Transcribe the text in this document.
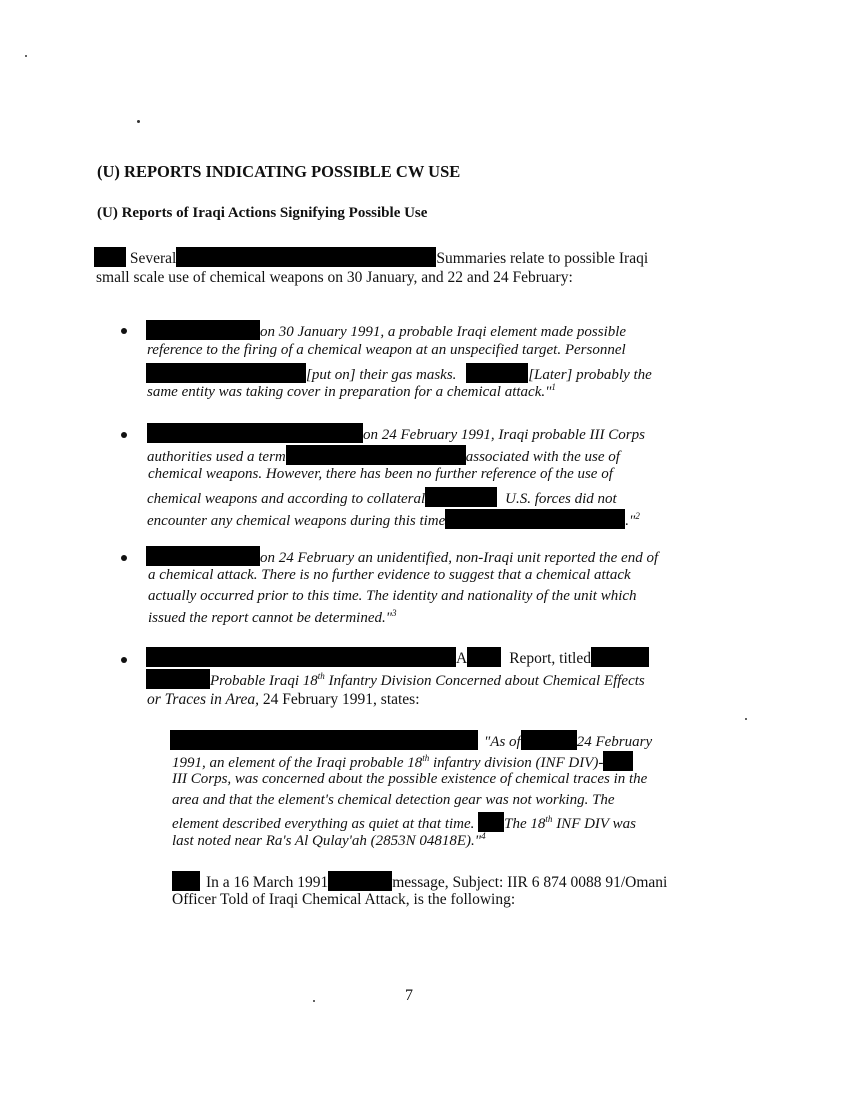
(U) REPORTS INDICATING POSSIBLE CW USE
(U) Reports of Iraqi Actions Signifying Possible Use
Several	Summaries relate to possible Iraqi
small scale use of chemical weapons on 30 January, and 22 and 24 February:
on 30 January 1991, a probable Iraqi element made possible
reference to the firing of a chemical weapon at an unspecified target. Personnel
[put on] their gas masks.	[Later] probably the
same entity was taking cover in preparation for a chemical attack."$^1$
on 24 February 1991, Iraqi probable III Corps
authorities used a term	associated with the use of
chemical weapons. However, there has been no further reference of the use of
chemical weapons and according to collateral	U.S. forces did not
encounter any chemical weapons during this time	."$^2$
on 24 February an unidentified, non-Iraqi unit reported the end of
a chemical attack. There is no further evidence to suggest that a chemical attack
actually occurred prior to this time. The identity and nationality of the unit which
issued the report cannot be determined."$^3$
A	Report, titled
Probable Iraqi 18th Infantry Division Concerned about Chemical Effects
or Traces in Area, 24 February 1991, states:
"As of	24 February
1991, an element of the Iraqi probable 18th infantry division (INF DIV)-
III Corps, was concerned about the possible existence of chemical traces in the
area and that the element's chemical detection gear was not working. The
element described everything as quiet at that time. The 18th INF DIV was
last noted near Ra's Al Qulay'ah (2853N 04818E)."$^4$
In a 16 March 1991	message, Subject: IIR 6 874 0088 91/Omani
Officer Told of Iraqi Chemical Attack, is the following:
7
